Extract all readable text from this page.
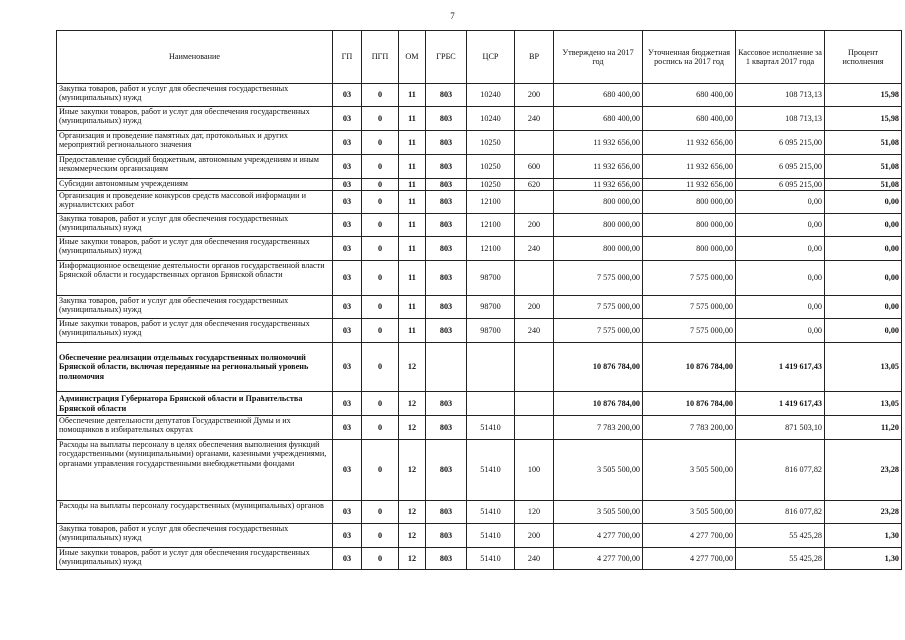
7
Наименование	ГП	ПГП	ОМ	ГРБС	ЦСР	ВР	Утверждено на 2017 год	Уточненная бюджетная роспись на 2017 год	Кассовое исполнение за 1 квартал 2017 года	Процент исполнения
Закупка товаров, работ и услуг для обеспечения государственных (муниципальных) нужд	03	0	11	803	10240	200	680 400,00	680 400,00	108 713,13	15,98
Иные закупки товаров, работ и услуг для обеспечения государственных (муниципальных) нужд	03	0	11	803	10240	240	680 400,00	680 400,00	108 713,13	15,98
Организация и проведение памятных дат, протокольных и других мероприятий регионального значения	03	0	11	803	10250		11 932 656,00	11 932 656,00	6 095 215,00	51,08
Предоставление субсидий бюджетным, автономным учреждениям и иным некоммерческим организациям	03	0	11	803	10250	600	11 932 656,00	11 932 656,00	6 095 215,00	51,08
Субсидии автономным учреждениям	03	0	11	803	10250	620	11 932 656,00	11 932 656,00	6 095 215,00	51,08
Организация и проведение конкурсов средств массовой информации и журналистских работ	03	0	11	803	12100		800 000,00	800 000,00	0,00	0,00
Закупка товаров, работ и услуг для обеспечения государственных (муниципальных) нужд	03	0	11	803	12100	200	800 000,00	800 000,00	0,00	0,00
Иные закупки товаров, работ и услуг для обеспечения государственных (муниципальных) нужд	03	0	11	803	12100	240	800 000,00	800 000,00	0,00	0,00
Информационное освещение деятельности органов государственной власти Брянской области и государственных органов Брянской области	03	0	11	803	98700		7 575 000,00	7 575 000,00	0,00	0,00
Закупка товаров, работ и услуг для обеспечения государственных (муниципальных) нужд	03	0	11	803	98700	200	7 575 000,00	7 575 000,00	0,00	0,00
Иные закупки товаров, работ и услуг для обеспечения государственных (муниципальных) нужд	03	0	11	803	98700	240	7 575 000,00	7 575 000,00	0,00	0,00
Обеспечение реализации отдельных государственных полномочий Брянской области, включая переданные на региональный уровень полномочия	03	0	12				10 876 784,00	10 876 784,00	1 419 617,43	13,05
Администрация Губернатора Брянской области и Правительства Брянской области	03	0	12	803			10 876 784,00	10 876 784,00	1 419 617,43	13,05
Обеспечение деятельности депутатов Государственной Думы и их помощников в избирательных округах	03	0	12	803	51410		7 783 200,00	7 783 200,00	871 503,10	11,20
Расходы на выплаты персоналу в целях обеспечения выполнения функций государственными (муниципальными) органами, казенными учреждениями, органами управления государственными внебюджетными фондами	03	0	12	803	51410	100	3 505 500,00	3 505 500,00	816 077,82	23,28
Расходы на выплаты персоналу государственных (муниципальных) органов	03	0	12	803	51410	120	3 505 500,00	3 505 500,00	816 077,82	23,28
Закупка товаров, работ и услуг для обеспечения государственных (муниципальных) нужд	03	0	12	803	51410	200	4 277 700,00	4 277 700,00	55 425,28	1,30
Иные закупки товаров, работ и услуг для обеспечения государственных (муниципальных) нужд	03	0	12	803	51410	240	4 277 700,00	4 277 700,00	55 425,28	1,30
